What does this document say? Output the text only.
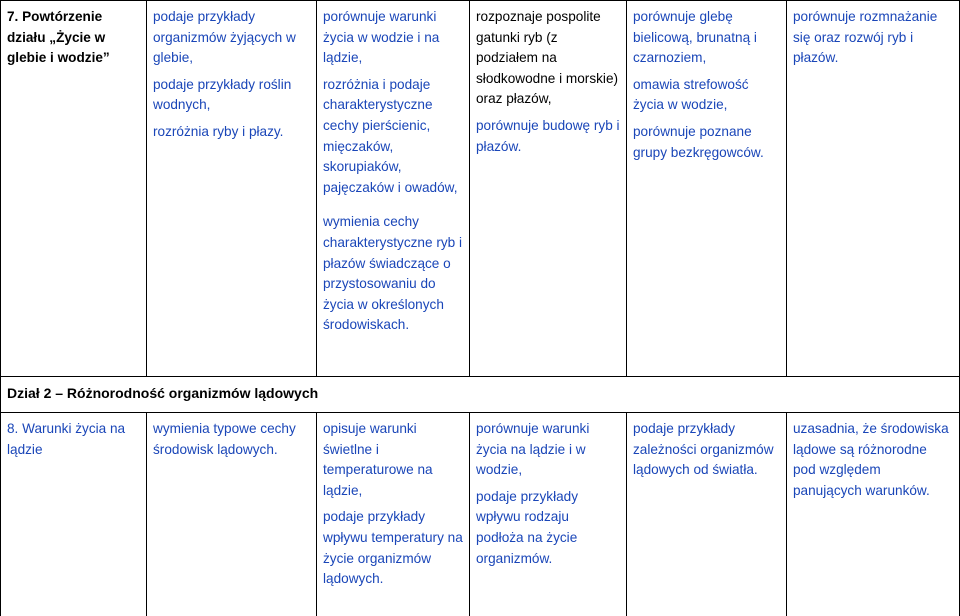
7. Powtórzenie działu „Życie w glebie i wodzie”
podaje przykłady organizmów żyjących w glebie,
podaje przykłady roślin wodnych,
rozróżnia ryby i płazy.
porównuje warunki życia w wodzie i na lądzie,
rozróżnia i podaje charakterystyczne cechy pierścienic, mięczaków, skorupiaków, pajęczaków i owadów,
wymienia cechy charakterystyczne ryb i płazów świadczące o przystosowaniu do życia w określonych środowiskach.
rozpoznaje pospolite gatunki ryb (z podziałem na słodkowodne i morskie) oraz płazów,
porównuje budowę ryb i płazów.
porównuje glebę bielicową, brunatną i czarnoziem,
omawia strefowość życia w wodzie,
porównuje poznane grupy bezkręgowców.
porównuje rozmnażanie się oraz rozwój ryb i płazów.
Dział 2 – Różnorodność organizmów lądowych
8. Warunki życia na lądzie
wymienia typowe cechy środowisk lądowych.
opisuje warunki świetlne i temperaturowe na lądzie,
podaje przykłady wpływu temperatury na życie organizmów lądowych.
porównuje warunki życia na lądzie i w wodzie,
podaje przykłady wpływu rodzaju podłoża na życie organizmów.
podaje przykłady zależności organizmów lądowych od światła.
uzasadnia, że środowiska lądowe są różnorodne pod względem panujących warunków.
